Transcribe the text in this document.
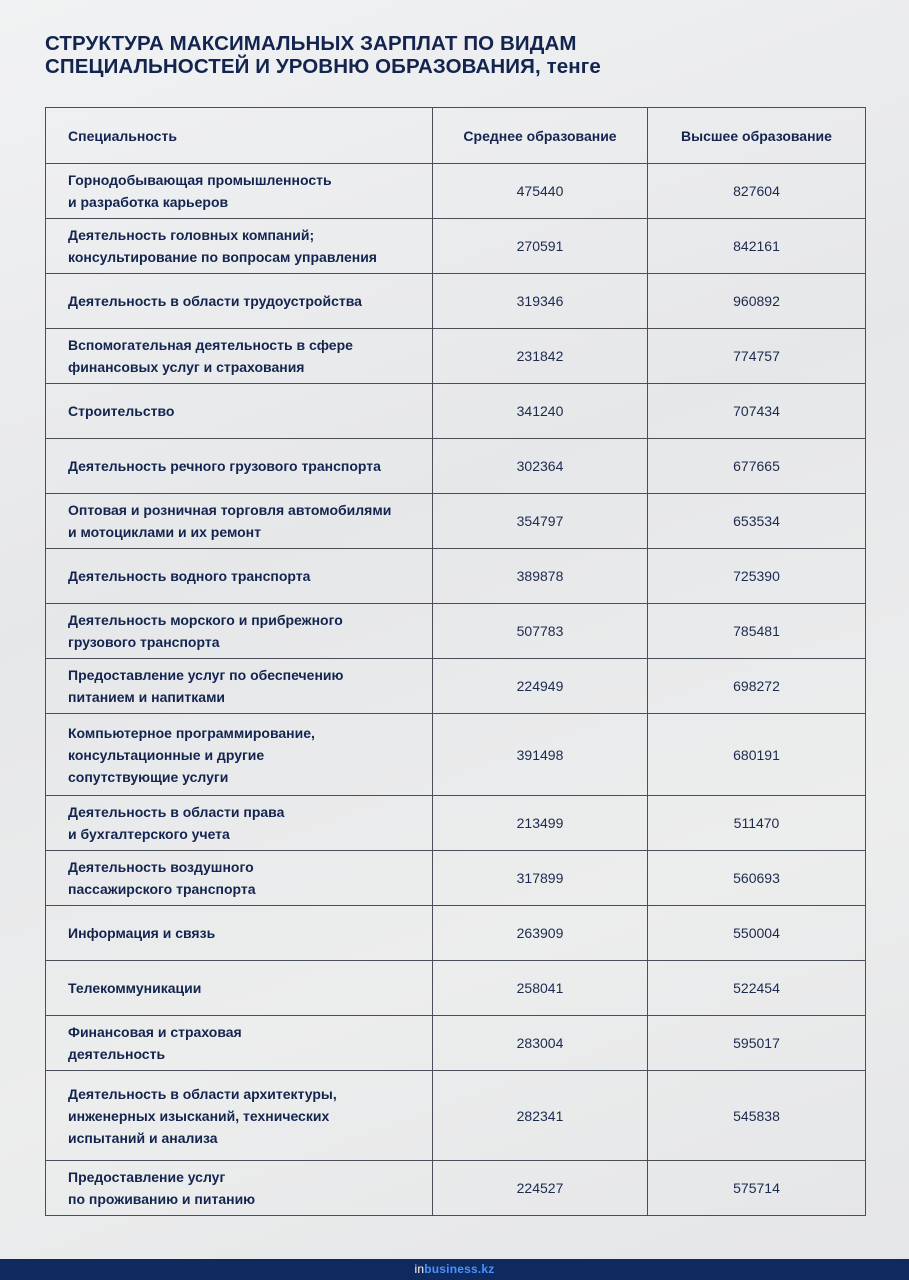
СТРУКТУРА МАКСИМАЛЬНЫХ ЗАРПЛАТ ПО ВИДАМ
СПЕЦИАЛЬНОСТЕЙ И УРОВНЮ ОБРАЗОВАНИЯ, тенге
Специальность	Среднее образование	Высшее образование

Горнодобывающая промышленность
и разработка карьеров	475440	827604

Деятельность головных компаний;
консультирование по вопросам управления	270591	842161

Деятельность в области трудоустройства	319346	960892

Вспомогательная деятельность в сфере
финансовых услуг и страхования	231842	774757

Строительство	341240	707434

Деятельность речного грузового транспорта	302364	677665

Оптовая и розничная торговля автомобилями
и мотоциклами и их ремонт	354797	653534

Деятельность водного транспорта	389878	725390

Деятельность морского и прибрежного
грузового транспорта	507783	785481

Предоставление услуг по обеспечению
питанием и напитками	224949	698272

Компьютерное программирование,
консультационные и другие
сопутствующие услуги	391498	680191

Деятельность в области права
и бухгалтерского учета	213499	511470

Деятельность воздушного
пассажирского транспорта	317899	560693

Информация и связь	263909	550004

Телекоммуникации	258041	522454

Финансовая и страховая
деятельность	283004	595017

Деятельность в области архитектуры,
инженерных изысканий, технических
испытаний и анализа	282341	545838

Предоставление услуг
по проживанию и питанию	224527	575714
inbusiness.kz
